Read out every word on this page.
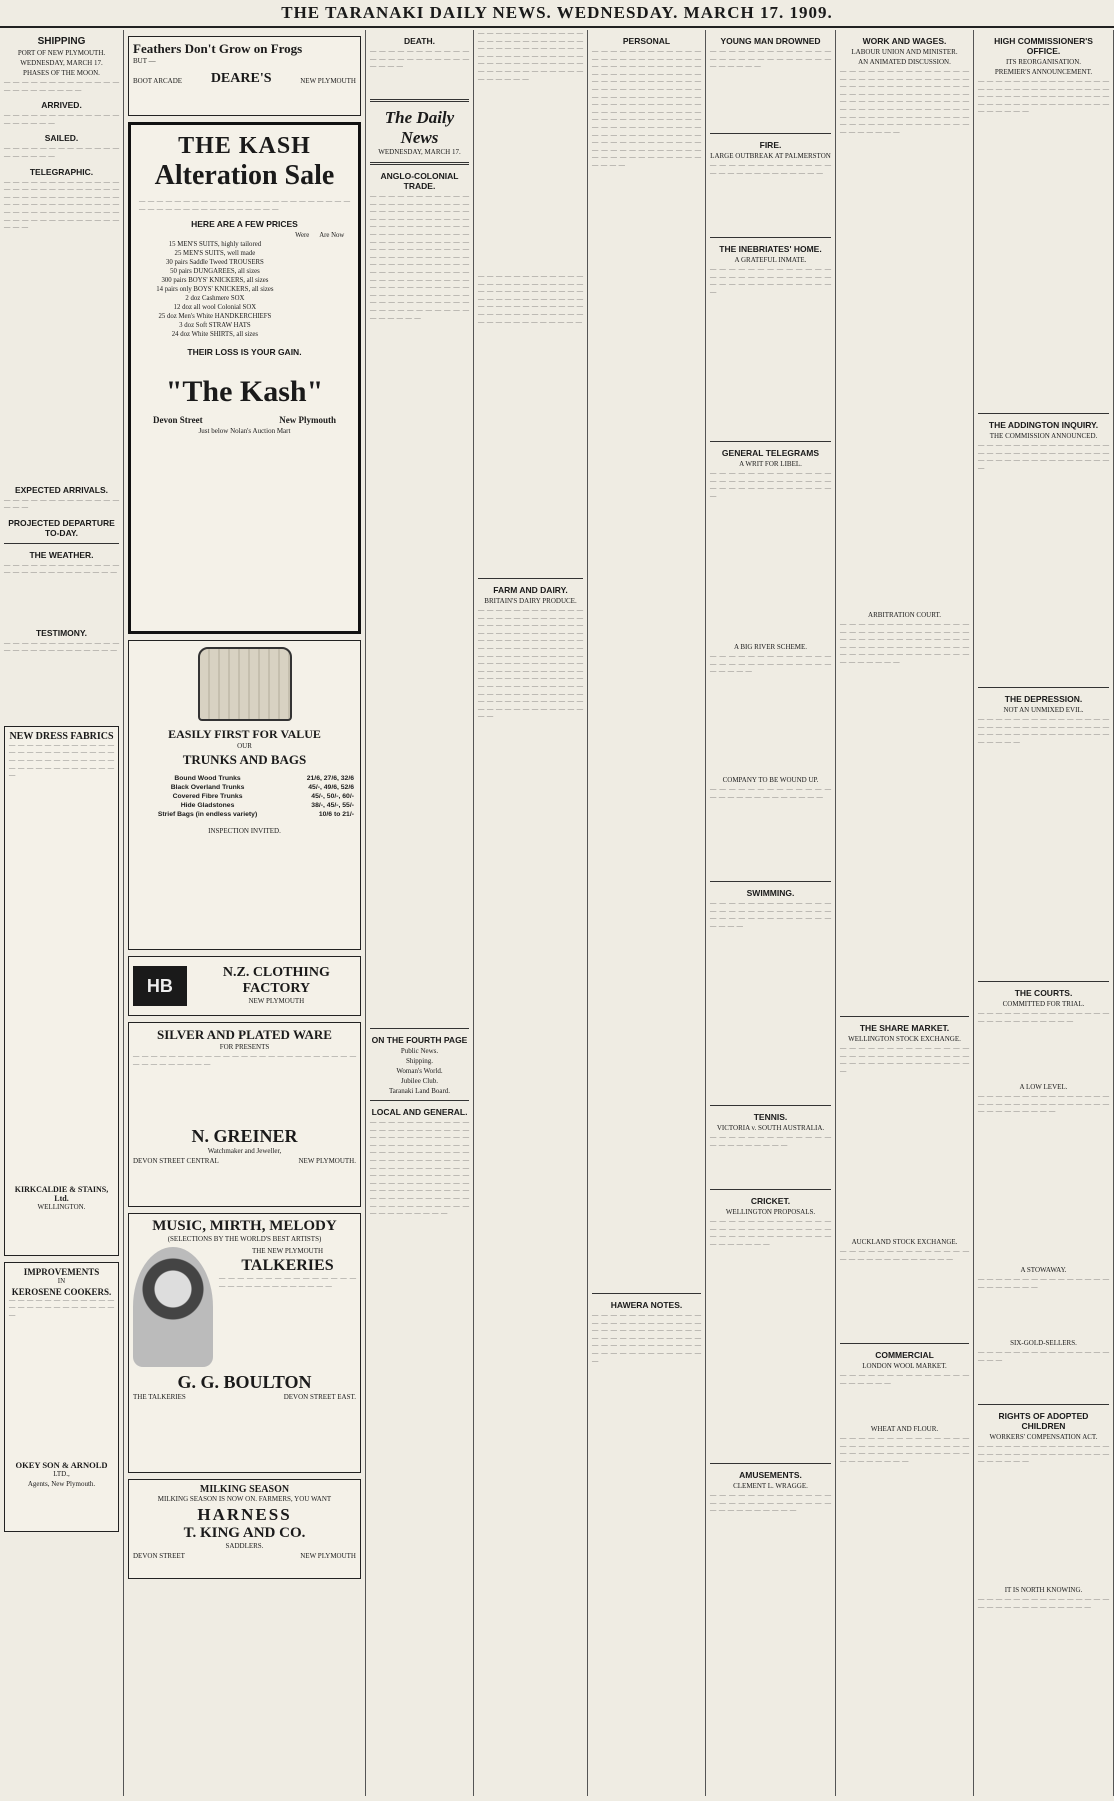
THE TARANAKI DAILY NEWS. WEDNESDAY. MARCH 17. 1909.
SHIPPING
PORT OF NEW PLYMOUTH.
WEDNESDAY, MARCH 17.
PHASES OF THE MOON.

— — — — — — — — — — — — — — — — — — — — — —

ARRIVED.

— — — — — — — — — — — — — — — — — — —

SAILED.

— — — — — — — — — — — — — — — — — — —

TELEGRAPHIC.

— — — — — — — — — — — — — — — — — — — — — — — — — — — — — — — — — — — — — — — — — — — — — — — — — — — — — — — — — — — — — — — — — — — — — — — — — — — — — — — — —

EXPECTED ARRIVALS.

— — — — — — — — — — — — — — — —

PROJECTED DEPARTURE TO-DAY.
THE WEATHER.

— — — — — — — — — — — — — — — — — — — — — — — — — —

TESTIMONY.

— — — — — — — — — — — — — — — — — — — — — — — — — —

NEW DRESS FABRICS

— — — — — — — — — — — — — — — — — — — — — — — — — — — — — — — — — — — — — — — — — — — — — — — — —

KIRKCALDIE & STAINS, Ltd.
WELLINGTON.
IMPROVEMENTS
IN
KEROSENE COOKERS.

— — — — — — — — — — — — — — — — — — — — — — — — —

OKEY SON & ARNOLD
LTD.,
Agents, New Plymouth.
Feathers Don't Grow on Frogs
BUT —
BOOT ARCADE DEARE'S	NEW PLYMOUTH
THE KASH
Alteration Sale

— — — — — — — — — — — — — — — — — — — — — — — — — — — — — — — — — — — — — — — —

HERE ARE A FEW PRICES
	Were	Are Now
15 MEN'S SUITS, highly tailored		
25 MEN'S SUITS, well made		
30 pairs Saddle Tweed TROUSERS		
50 pairs DUNGAREES, all sizes		
300 pairs BOYS' KNICKERS, all sizes		
14 pairs only BOYS' KNICKERS, all sizes		
2 doz Cashmere SOX		
12 doz all wool Colonial SOX		
25 doz Men's White HANDKERCHIEFS		
3 doz Soft STRAW HATS		
24 doz White SHIRTS, all sizes		
THEIR LOSS IS YOUR GAIN.
"The Kash"
Devon Street	New Plymouth
Just below Nolan's Auction Mart
EASILY FIRST FOR VALUE
OUR
TRUNKS AND BAGS
Bound Wood Trunks	21/6, 27/6, 32/6
Black Overland Trunks	45/-, 49/6, 52/6
Covered Fibre Trunks	45/-, 50/-, 60/-
Hide Gladstones	38/-, 45/-, 55/-
Strief Bags (in endless variety)	10/6 to 21/-
INSPECTION INVITED.
HB
N.Z. CLOTHING FACTORY
NEW PLYMOUTH
SILVER AND PLATED WARE
FOR PRESENTS

— — — — — — — — — — — — — — — — — — — — — — — — — — — — — — — — — —

N. GREINER
Watchmaker and Jeweller,
DEVON STREET CENTRAL	NEW PLYMOUTH.
MUSIC, MIRTH, MELODY
(SELECTIONS BY THE WORLD'S BEST ARTISTS)
THE NEW PLYMOUTH
TALKERIES

— — — — — — — — — — — — — — — — — — — — — — — — — — — —

G. G. BOULTON
THE TALKERIES	DEVON STREET EAST.
MILKING SEASON
MILKING SEASON IS NOW ON. FARMERS, YOU WANT
HARNESS
T. KING AND CO.
SADDLERS.
DEVON STREET	NEW PLYMOUTH
DEATH.

— — — — — — — — — — — — — — — — — — — — — — — — — —

The Daily News
WEDNESDAY, MARCH 17.
ANGLO-COLONIAL TRADE.

— — — — — — — — — — — — — — — — — — — — — — — — — — — — — — — — — — — — — — — — — — — — — — — — — — — — — — — — — — — — — — — — — — — — — — — — — — — — — — — — — — — — — — — — — — — — — — — — — — — — — — — — — — — — — — — — — — — — — — — — — — — — — — — — — — — — — — — — — — — — — — — — — — — — — — — — — — — — — — — — — — — — — — — — — — — — — — — — — — — — — —

ON THE FOURTH PAGE
Public News.
Shipping.
Woman's World.
Jubilee Club.
Taranaki Land Board.
LOCAL AND GENERAL.

— — — — — — — — — — — — — — — — — — — — — — — — — — — — — — — — — — — — — — — — — — — — — — — — — — — — — — — — — — — — — — — — — — — — — — — — — — — — — — — — — — — — — — — — — — — — — — — — — — — — — — — — — — — — — — — — — — — — — — — — — — — — — — — — — — — — — — — — — — — — —

— — — — — — — — — — — — — — — — — — — — — — — — — — — — — — — — — — — — — — — — — — — — — — — — — — — — — — — — — — — — — — — — — — — — — — — — — — — — — —

— — — — — — — — — — — — — — — — — — — — — — — — — — — — — — — — — — — — — — — — — — — — — — — — — — — — — — — — — — — — — — — — — — — — — — — — — — — — — — — — — — — —

FARM AND DAIRY.
BRITAIN'S DAIRY PRODUCE.

— — — — — — — — — — — — — — — — — — — — — — — — — — — — — — — — — — — — — — — — — — — — — — — — — — — — — — — — — — — — — — — — — — — — — — — — — — — — — — — — — — — — — — — — — — — — — — — — — — — — — — — — — — — — — — — — — — — — — — — — — — — — — — — — — — — — — — — — — — — — — — — — — — — — — — — — — — — — — — — — — — — — — — — — — —

PERSONAL

— — — — — — — — — — — — — — — — — — — — — — — — — — — — — — — — — — — — — — — — — — — — — — — — — — — — — — — — — — — — — — — — — — — — — — — — — — — — — — — — — — — — — — — — — — — — — — — — — — — — — — — — — — — — — — — — — — — — — — — — — — — — — — — — — — — — — — — — — — — — — — — — — — — — — — — — — — — — — — — — — — — — — — — — — — — — — — — — — — — — — — — —

HAWERA NOTES.

— — — — — — — — — — — — — — — — — — — — — — — — — — — — — — — — — — — — — — — — — — — — — — — — — — — — — — — — — — — — — — — — — — — — — — — — —

YOUNG MAN DROWNED

— — — — — — — — — — — — — — — — — — — — — — — — — — — — — — — —

FIRE.
LARGE OUTBREAK AT PALMERSTON

— — — — — — — — — — — — — — — — — — — — — — — — — —

THE INEBRIATES' HOME.
A GRATEFUL INMATE.

— — — — — — — — — — — — — — — — — — — — — — — — — — — — — — — — — — — — — — — —

GENERAL TELEGRAMS
A WRIT FOR LIBEL.

— — — — — — — — — — — — — — — — — — — — — — — — — — — — — — — — — — — — — — — —

A BIG RIVER SCHEME.

— — — — — — — — — — — — — — — — — — — — — — — — — — — — — — —

COMPANY TO BE WOUND UP.

— — — — — — — — — — — — — — — — — — — — — — — — — —

SWIMMING.

— — — — — — — — — — — — — — — — — — — — — — — — — — — — — — — — — — — — — — — — — — —

TENNIS.
VICTORIA v. SOUTH AUSTRALIA.

— — — — — — — — — — — — — — — — — — — — — —

CRICKET.
WELLINGTON PROPOSALS.

— — — — — — — — — — — — — — — — — — — — — — — — — — — — — — — — — — — — — — — — — — — — — —

AMUSEMENTS.
CLEMENT L. WRAGGE.

— — — — — — — — — — — — — — — — — — — — — — — — — — — — — — — — — — — —

WORK AND WAGES.
LABOUR UNION AND MINISTER.
AN ANIMATED DISCUSSION.

— — — — — — — — — — — — — — — — — — — — — — — — — — — — — — — — — — — — — — — — — — — — — — — — — — — — — — — — — — — — — — — — — — — — — — — — — — — — — — — — — — — — — — — — — — — — — — — — — — — — — — — — — — — — — — — — — — — — — — —

ARBITRATION COURT.

— — — — — — — — — — — — — — — — — — — — — — — — — — — — — — — — — — — — — — — — — — — — — — — — — — — — — — — — — — — — — — — — — — — — — — — — — — — — —

THE SHARE MARKET.
WELLINGTON STOCK EXCHANGE.

— — — — — — — — — — — — — — — — — — — — — — — — — — — — — — — — — — — — — — — — — — —

AUCKLAND STOCK EXCHANGE.

— — — — — — — — — — — — — — — — — — — — — — — — — — —

COMMERCIAL
LONDON WOOL MARKET.

— — — — — — — — — — — — — — — — — — — —

WHEAT AND FLOUR.

— — — — — — — — — — — — — — — — — — — — — — — — — — — — — — — — — — — — — — — — — — — — — — — — — —

HIGH COMMISSIONER'S OFFICE.
ITS REORGANISATION.
PREMIER'S ANNOUNCEMENT.

— — — — — — — — — — — — — — — — — — — — — — — — — — — — — — — — — — — — — — — — — — — — — — — — — — — — — — — — — — — — — — — — — —

THE ADDINGTON INQUIRY.
THE COMMISSION ANNOUNCED.

— — — — — — — — — — — — — — — — — — — — — — — — — — — — — — — — — — — — — — — — — — — — — —

THE DEPRESSION.
NOT AN UNMIXED EVIL.

— — — — — — — — — — — — — — — — — — — — — — — — — — — — — — — — — — — — — — — — — — — — — — — — — —

THE COURTS.
COMMITTED FOR TRIAL.

— — — — — — — — — — — — — — — — — — — — — — — — — —

A LOW LEVEL.

— — — — — — — — — — — — — — — — — — — — — — — — — — — — — — — — — — — — — — —

A STOWAWAY.

— — — — — — — — — — — — — — — — — — — — — —

SIX-GOLD-SELLERS.

— — — — — — — — — — — — — — — — — —

RIGHTS OF ADOPTED CHILDREN
WORKERS' COMPENSATION ACT.

— — — — — — — — — — — — — — — — — — — — — — — — — — — — — — — — — — — —

IT IS NORTH KNOWING.

— — — — — — — — — — — — — — — — — — — — — — — — — — — —
